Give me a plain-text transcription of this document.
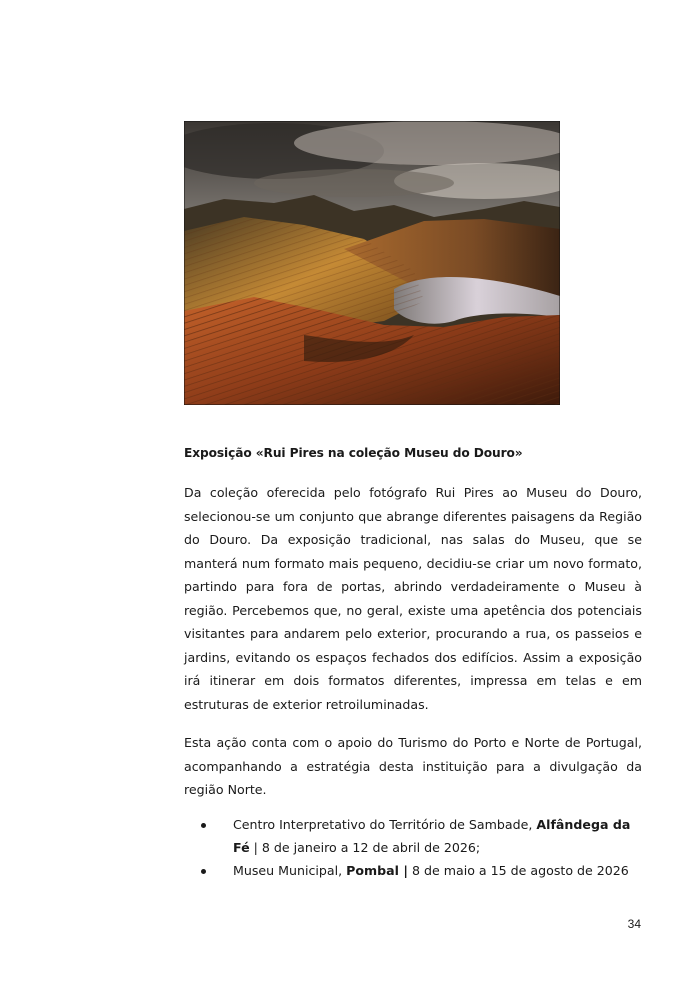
Exposição «Rui Pires na coleção Museu do Douro»

Da coleção oferecida pelo fotógrafo Rui Pires ao Museu do Douro, selecionou-se um conjunto que abrange diferentes paisagens da Região do Douro. Da exposição tradicional, nas salas do Museu, que se manterá num formato mais pequeno, decidiu-se criar um novo formato, partindo para fora de portas, abrindo verdadeiramente o Museu à região. Percebemos que, no geral, existe uma apetência dos potenciais visitantes para andarem pelo exterior, procurando a rua, os passeios e jardins, evitando os espaços fechados dos edifícios. Assim a exposição irá itinerar em dois formatos diferentes, impressa em telas e em estruturas de exterior retroiluminadas.

Esta ação conta com o apoio do Turismo do Porto e Norte de Portugal, acompanhando a estratégia desta instituição para a divulgação da região Norte.

Centro Interpretativo do Território de Sambade, Alfândega da Fé | 8 de janeiro a 12 de abril de 2026;
Museu Municipal, Pombal | 8 de maio a 15 de agosto de 2026
34
